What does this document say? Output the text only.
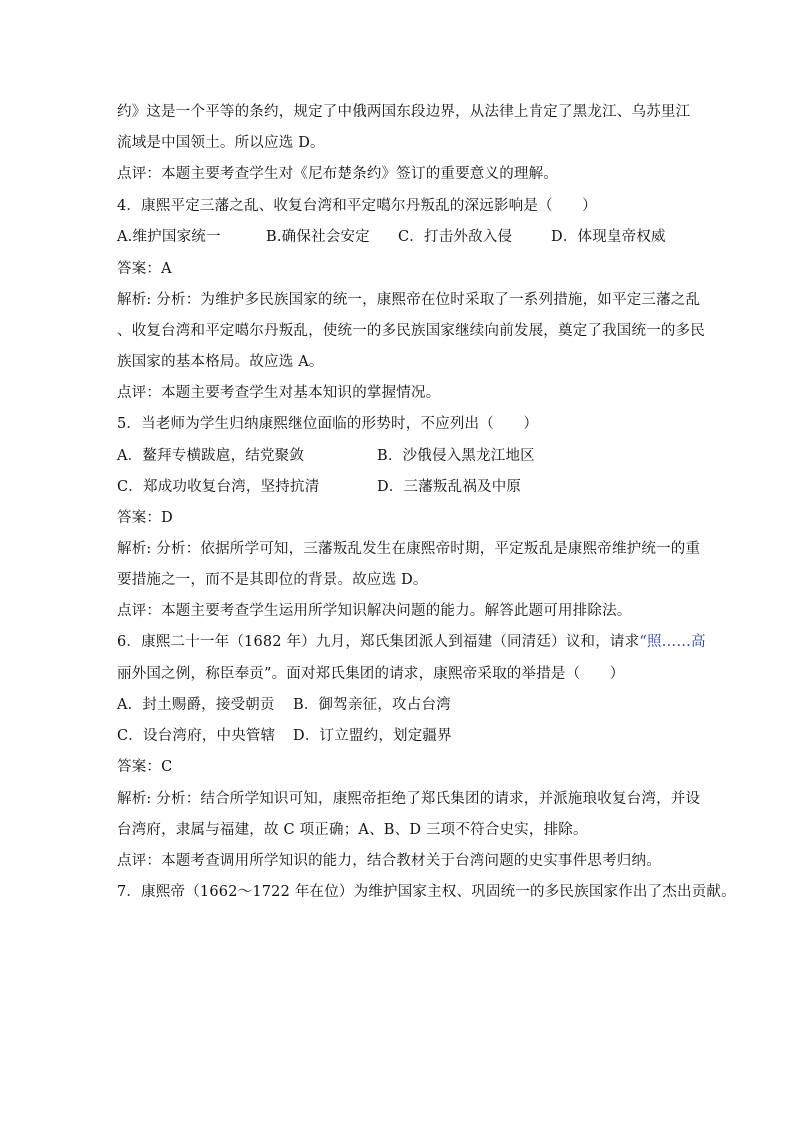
约》这是一个平等的条约，规定了中俄两国东段边界，从法律上肯定了黑龙江、乌苏里江
流域是中国领土。所以应选 D。
点评：本题主要考查学生对《尼布楚条约》签订的重要意义的理解。
4．康熙平定三藩之乱、收复台湾和平定噶尔丹叛乱的深远影响是（　　）
A.维护国家统一	B.确保社会安定 C．打击外敌入侵	D．体现皇帝权威
答案：A
解析: 分析：为维护多民族国家的统一，康熙帝在位时采取了一系列措施，如平定三藩之乱
、收复台湾和平定噶尔丹叛乱，使统一的多民族国家继续向前发展，奠定了我国统一的多民
族国家的基本格局。故应选 A。
点评：本题主要考查学生对基本知识的掌握情况。
5．当老师为学生归纳康熙继位面临的形势时，不应列出（　　）
A．鳌拜专横跋扈，结党聚敛	B．沙俄侵入黑龙江地区
C．郑成功收复台湾，坚持抗清	D．三藩叛乱祸及中原
答案：D
解析: 分析：依据所学可知，三藩叛乱发生在康熙帝时期，平定叛乱是康熙帝维护统一的重
要措施之一，而不是其即位的背景。故应选 D。
点评：本题主要考查学生运用所学知识解决问题的能力。解答此题可用排除法。
6．康熙二十一年（1682 年）九月，郑氏集团派人到福建（同清廷）议和，请求“照……高
丽外国之例，称臣奉贡”。面对郑氏集团的请求，康熙帝采取的举措是（　　）
A．封土赐爵，接受朝贡 B．御驾亲征，攻占台湾
C．设台湾府，中央管辖 D．订立盟约，划定疆界
答案：C
解析: 分析：结合所学知识可知，康熙帝拒绝了郑氏集团的请求，并派施琅收复台湾，并设
台湾府，隶属与福建，故 C 项正确；A、B、D 三项不符合史实，排除。
点评：本题考查调用所学知识的能力，结合教材关于台湾问题的史实事件思考归纳。
7．康熙帝（1662～1722 年在位）为维护国家主权、巩固统一的多民族国家作出了杰出贡献。
